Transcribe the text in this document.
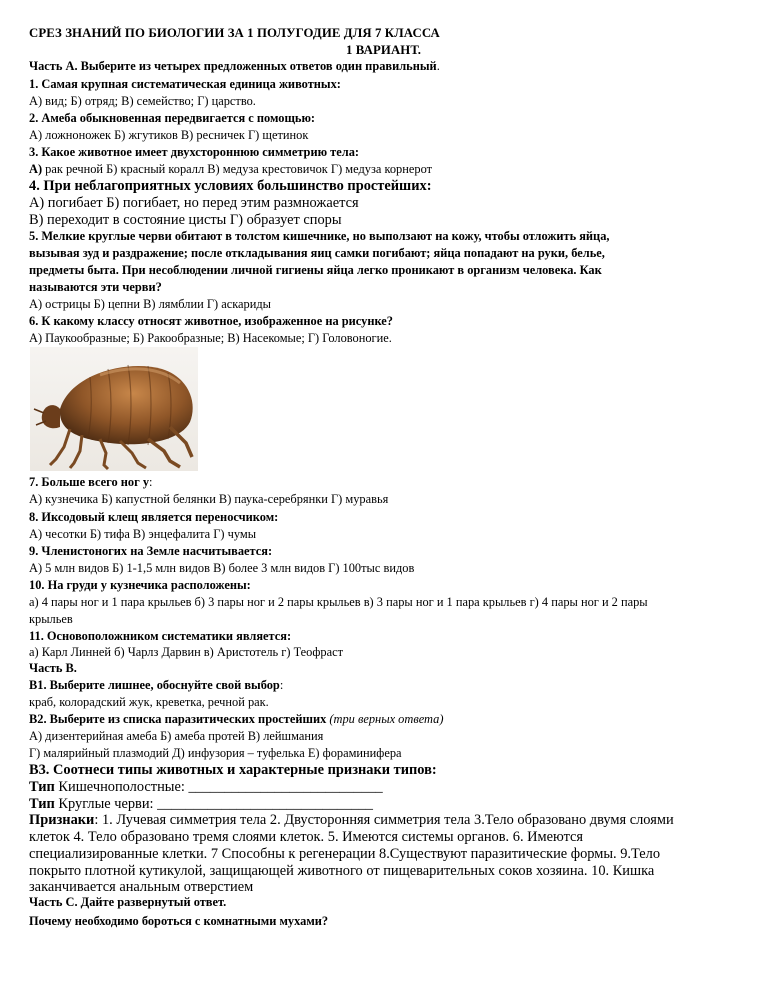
СРЕЗ ЗНАНИЙ ПО БИОЛОГИИ ЗА 1 ПОЛУГОДИЕ ДЛЯ 7 КЛАССА
1 ВАРИАНТ.
Часть А. Выберите из четырех предложенных ответов один правильный.
1. Самая крупная систематическая единица животных:
А) вид; Б) отряд; В) семейство; Г) царство.
2. Амеба обыкновенная передвигается с помощью:
А) ложноножек Б) жгутиков В) ресничек Г) щетинок
3. Какое животное имеет двухстороннюю симметрию тела:
А) рак речной Б) красный коралл В) медуза крестовичок Г) медуза корнерот
4. При неблагоприятных условиях большинство простейших:
А) погибает Б) погибает, но перед этим размножается
В) переходит в состояние цисты Г) образует споры
5. Мелкие круглые черви обитают в толстом кишечнике, но выползают на кожу, чтобы отложить яйца,
вызывая зуд и раздражение; после откладывания яиц самки погибают; яйца попадают на руки, белье,
предметы быта. При несоблюдении личной гигиены яйца легко проникают в организм человека. Как
называются эти черви?
А) острицы Б) цепни В) лямблии Г) аскариды
6. К какому классу относят животное, изображенное на рисунке?
А) Паукообразные; Б) Ракообразные; В) Насекомые; Г) Головоногие.
7. Больше всего ног у:
А) кузнечика Б) капустной белянки В) паука-серебрянки Г) муравья
8. Иксодовый клещ является переносчиком:
А) чесотки Б) тифа В) энцефалита Г) чумы
9. Членистоногих на Земле насчитывается:
А) 5 млн видов Б) 1-1,5 млн видов В) более 3 млн видов Г) 100тыс видов
10. На груди у кузнечика расположены:
а) 4 пары ног и 1 пара крыльев б) 3 пары ног и 2 пары крыльев в) 3 пары ног и 1 пара крыльев г) 4 пары ног и 2 пары
крыльев
11. Основоположником систематики является:
а) Карл Линней б) Чарлз Дарвин в) Аристотель г) Теофраст
Часть В.
В1. Выберите лишнее, обоснуйте свой выбор:
краб, колорадский жук, креветка, речной рак.
В2. Выберите из списка паразитических простейших (три верных ответа)
А) дизентерийная амеба Б) амеба протей В) лейшмания
Г) малярийный плазмодий Д) инфузория – туфелька Е) фораминифера
В3. Соотнеси типы животных и характерные признаки типов:
Тип Кишечнополостные: ___________________________
Тип Круглые черви: ______________________________
Признаки: 1. Лучевая симметрия тела 2. Двусторонняя симметрия тела 3.Тело образовано двумя слоями
клеток 4. Тело образовано тремя слоями клеток. 5. Имеются системы органов. 6. Имеются
специализированные клетки. 7 Способны к регенерации 8.Существуют паразитические формы. 9.Тело
покрыто плотной кутикулой, защищающей животного от пищеварительных соков хозяина. 10. Кишка
заканчивается анальным отверстием
Часть С. Дайте развернутый ответ.
Почему необходимо бороться с комнатными мухами?
